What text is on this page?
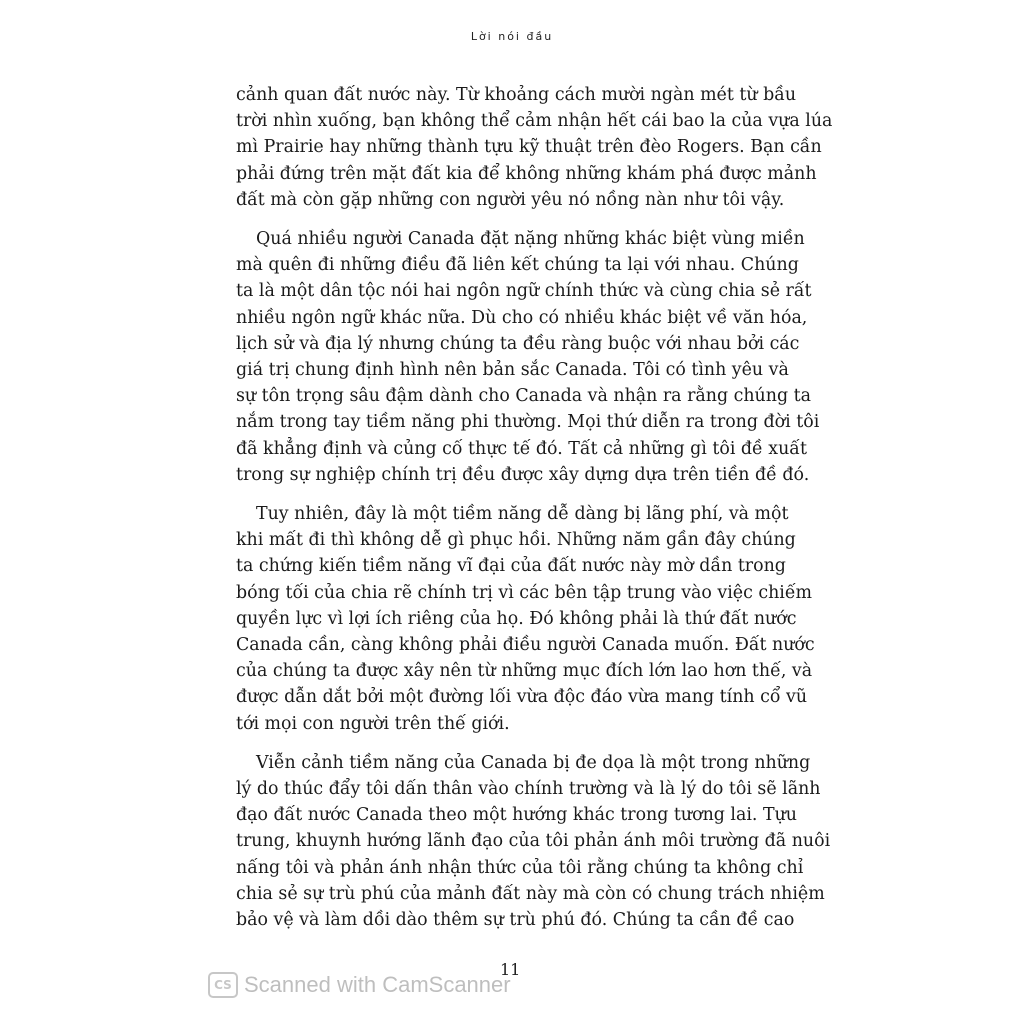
Lời nói đầu

cảnh quan đất nước này. Từ khoảng cách mười ngàn mét từ bầu
trời nhìn xuống, bạn không thể cảm nhận hết cái bao la của vựa lúa
mì Prairie hay những thành tựu kỹ thuật trên đèo Rogers. Bạn cần
phải đứng trên mặt đất kia để không những khám phá được mảnh
đất mà còn gặp những con người yêu nó nồng nàn như tôi vậy.

Quá nhiều người Canada đặt nặng những khác biệt vùng miền
mà quên đi những điều đã liên kết chúng ta lại với nhau. Chúng
ta là một dân tộc nói hai ngôn ngữ chính thức và cùng chia sẻ rất
nhiều ngôn ngữ khác nữa. Dù cho có nhiều khác biệt về văn hóa,
lịch sử và địa lý nhưng chúng ta đều ràng buộc với nhau bởi các
giá trị chung định hình nên bản sắc Canada. Tôi có tình yêu và
sự tôn trọng sâu đậm dành cho Canada và nhận ra rằng chúng ta
nắm trong tay tiềm năng phi thường. Mọi thứ diễn ra trong đời tôi
đã khẳng định và củng cố thực tế đó. Tất cả những gì tôi đề xuất
trong sự nghiệp chính trị đều được xây dựng dựa trên tiền đề đó.

Tuy nhiên, đây là một tiềm năng dễ dàng bị lãng phí, và một
khi mất đi thì không dễ gì phục hồi. Những năm gần đây chúng
ta chứng kiến tiềm năng vĩ đại của đất nước này mờ dần trong
bóng tối của chia rẽ chính trị vì các bên tập trung vào việc chiếm
quyền lực vì lợi ích riêng của họ. Đó không phải là thứ đất nước
Canada cần, càng không phải điều người Canada muốn. Đất nước
của chúng ta được xây nên từ những mục đích lớn lao hơn thế, và
được dẫn dắt bởi một đường lối vừa độc đáo vừa mang tính cổ vũ
tới mọi con người trên thế giới.

Viễn cảnh tiềm năng của Canada bị đe dọa là một trong những
lý do thúc đẩy tôi dấn thân vào chính trường và là lý do tôi sẽ lãnh
đạo đất nước Canada theo một hướng khác trong tương lai. Tựu
trung, khuynh hướng lãnh đạo của tôi phản ánh môi trường đã nuôi
nấng tôi và phản ánh nhận thức của tôi rằng chúng ta không chỉ
chia sẻ sự trù phú của mảnh đất này mà còn có chung trách nhiệm
bảo vệ và làm dồi dào thêm sự trù phú đó. Chúng ta cần đề cao

11
CS Scanned with CamScanner
